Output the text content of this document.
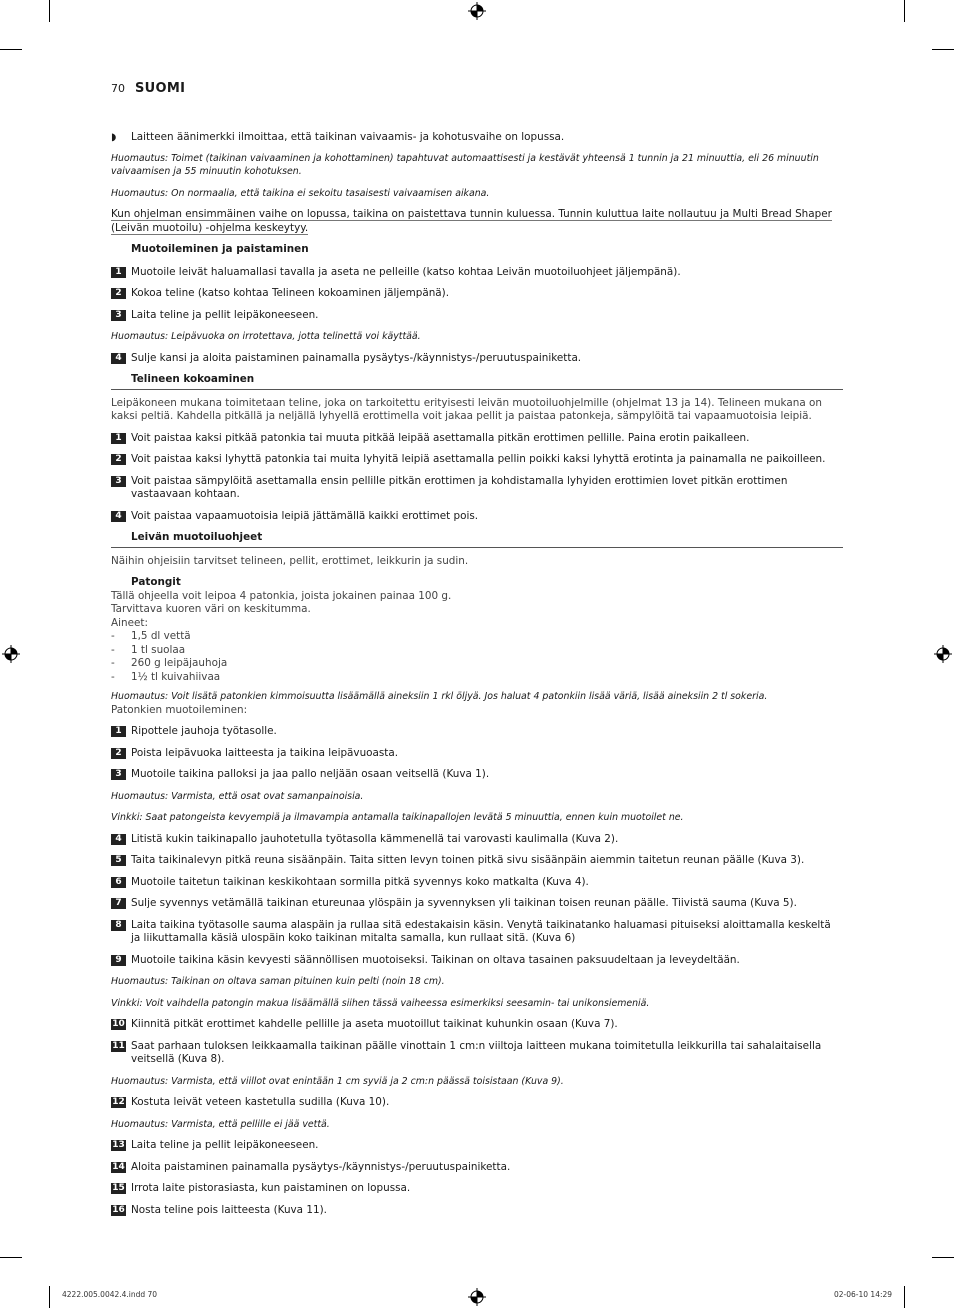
70 SUOMI
◗ Laitteen äänimerkki ilmoittaa, että taikinan vaivaamis- ja kohotusvaihe on lopussa.

Huomautus: Toimet (taikinan vaivaaminen ja kohottaminen) tapahtuvat automaattisesti ja kestävät yhteensä 1 tunnin ja 21 minuuttia, eli 26 minuutin vaivaamisen ja 55 minuutin kohotuksen.

Huomautus: On normaalia, että taikina ei sekoitu tasaisesti vaivaamisen aikana.

Kun ohjelman ensimmäinen vaihe on lopussa, taikina on paistettava tunnin kuluessa. Tunnin kuluttua laite nollautuu ja Multi Bread Shaper (Leivän muotoilu) -ohjelma keskeytyy.

Muotoileminen ja paistaminen
1 Muotoile leivät haluamallasi tavalla ja aseta ne pelleille (katso kohtaa Leivän muotoiluohjeet jäljempänä).
2 Kokoa teline (katso kohtaa Telineen kokoaminen jäljempänä).
3 Laita teline ja pellit leipäkoneeseen.

Huomautus: Leipävuoka on irrotettava, jotta telinettä voi käyttää.

4 Sulje kansi ja aloita paistaminen painamalla pysäytys-/käynnistys-/peruutuspainiketta.
Telineen kokoaminen

Leipäkoneen mukana toimitetaan teline, joka on tarkoitettu erityisesti leivän muotoiluohjelmille (ohjelmat 13 ja 14). Telineen mukana on kaksi peltiä. Kahdella pitkällä ja neljällä lyhyellä erottimella voit jakaa pellit ja paistaa patonkeja, sämpylöitä tai vapaamuotoisia leipiä.

1 Voit paistaa kaksi pitkää patonkia tai muuta pitkää leipää asettamalla pitkän erottimen pellille. Paina erotin paikalleen.
2 Voit paistaa kaksi lyhyttä patonkia tai muita lyhyitä leipiä asettamalla pellin poikki kaksi lyhyttä erotinta ja painamalla ne paikoilleen.
3 Voit paistaa sämpylöitä asettamalla ensin pellille pitkän erottimen ja kohdistamalla lyhyiden erottimien lovet pitkän erottimen vastaavaan kohtaan.
4 Voit paistaa vapaamuotoisia leipiä jättämällä kaikki erottimet pois.
Leivän muotoiluohjeet

Näihin ohjeisiin tarvitset telineen, pellit, erottimet, leikkurin ja sudin.

Patongit
Tällä ohjeella voit leipoa 4 patonkia, joista jokainen painaa 100 g.
Tarvittava kuoren väri on keskitumma.
Aineet:
-	1,5 dl vettä
-	1 tl suolaa
-	260 g leipäjauhoja
-	1½ tl kuivahiivaa

Huomautus: Voit lisätä patonkien kimmoisuutta lisäämällä aineksiin 1 rkl öljyä. Jos haluat 4 patonkiin lisää väriä, lisää aineksiin 2 tl sokeria.

Patonkien muotoileminen:

1 Ripottele jauhoja työtasolle.
2 Poista leipävuoka laitteesta ja taikina leipävuoasta.
3 Muotoile taikina palloksi ja jaa pallo neljään osaan veitsellä (Kuva 1).

Huomautus: Varmista, että osat ovat samanpainoisia.

Vinkki: Saat patongeista kevyempiä ja ilmavampia antamalla taikinapallojen levätä 5 minuuttia, ennen kuin muotoilet ne.

4 Litistä kukin taikinapallo jauhotetulla työtasolla kämmenellä tai varovasti kaulimalla (Kuva 2).
5 Taita taikinalevyn pitkä reuna sisäänpäin. Taita sitten levyn toinen pitkä sivu sisäänpäin aiemmin taitetun reunan päälle (Kuva 3).
6 Muotoile taitetun taikinan keskikohtaan sormilla pitkä syvennys koko matkalta (Kuva 4).
7 Sulje syvennys vetämällä taikinan etureunaa ylöspäin ja syvennyksen yli taikinan toisen reunan päälle. Tiivistä sauma (Kuva 5).
8 Laita taikina työtasolle sauma alaspäin ja rullaa sitä edestakaisin käsin. Venytä taikinatanko haluamasi pituiseksi aloittamalla keskeltä ja liikuttamalla käsiä ulospäin koko taikinan mitalta samalla, kun rullaat sitä. (Kuva 6)
9 Muotoile taikina käsin kevyesti säännöllisen muotoiseksi. Taikinan on oltava tasainen paksuudeltaan ja leveydeltään.

Huomautus: Taikinan on oltava saman pituinen kuin pelti (noin 18 cm).

Vinkki: Voit vaihdella patongin makua lisäämällä siihen tässä vaiheessa esimerkiksi seesamin- tai unikonsiemeniä.

10 Kiinnitä pitkät erottimet kahdelle pellille ja aseta muotoillut taikinat kuhunkin osaan (Kuva 7).
11 Saat parhaan tuloksen leikkaamalla taikinan päälle vinottain 1 cm:n viiltoja laitteen mukana toimitetulla leikkurilla tai sahalaitaisella veitsellä (Kuva 8).

Huomautus: Varmista, että viillot ovat enintään 1 cm syviä ja 2 cm:n päässä toisistaan (Kuva 9).

12 Kostuta leivät veteen kastetulla sudilla (Kuva 10).

Huomautus: Varmista, että pellille ei jää vettä.

13 Laita teline ja pellit leipäkoneeseen.
14 Aloita paistaminen painamalla pysäytys-/käynnistys-/peruutuspainiketta.
15 Irrota laite pistorasiasta, kun paistaminen on lopussa.
16 Nosta teline pois laitteesta (Kuva 11).
4222.005.0042.4.indd 70	02-06-10 14:29
